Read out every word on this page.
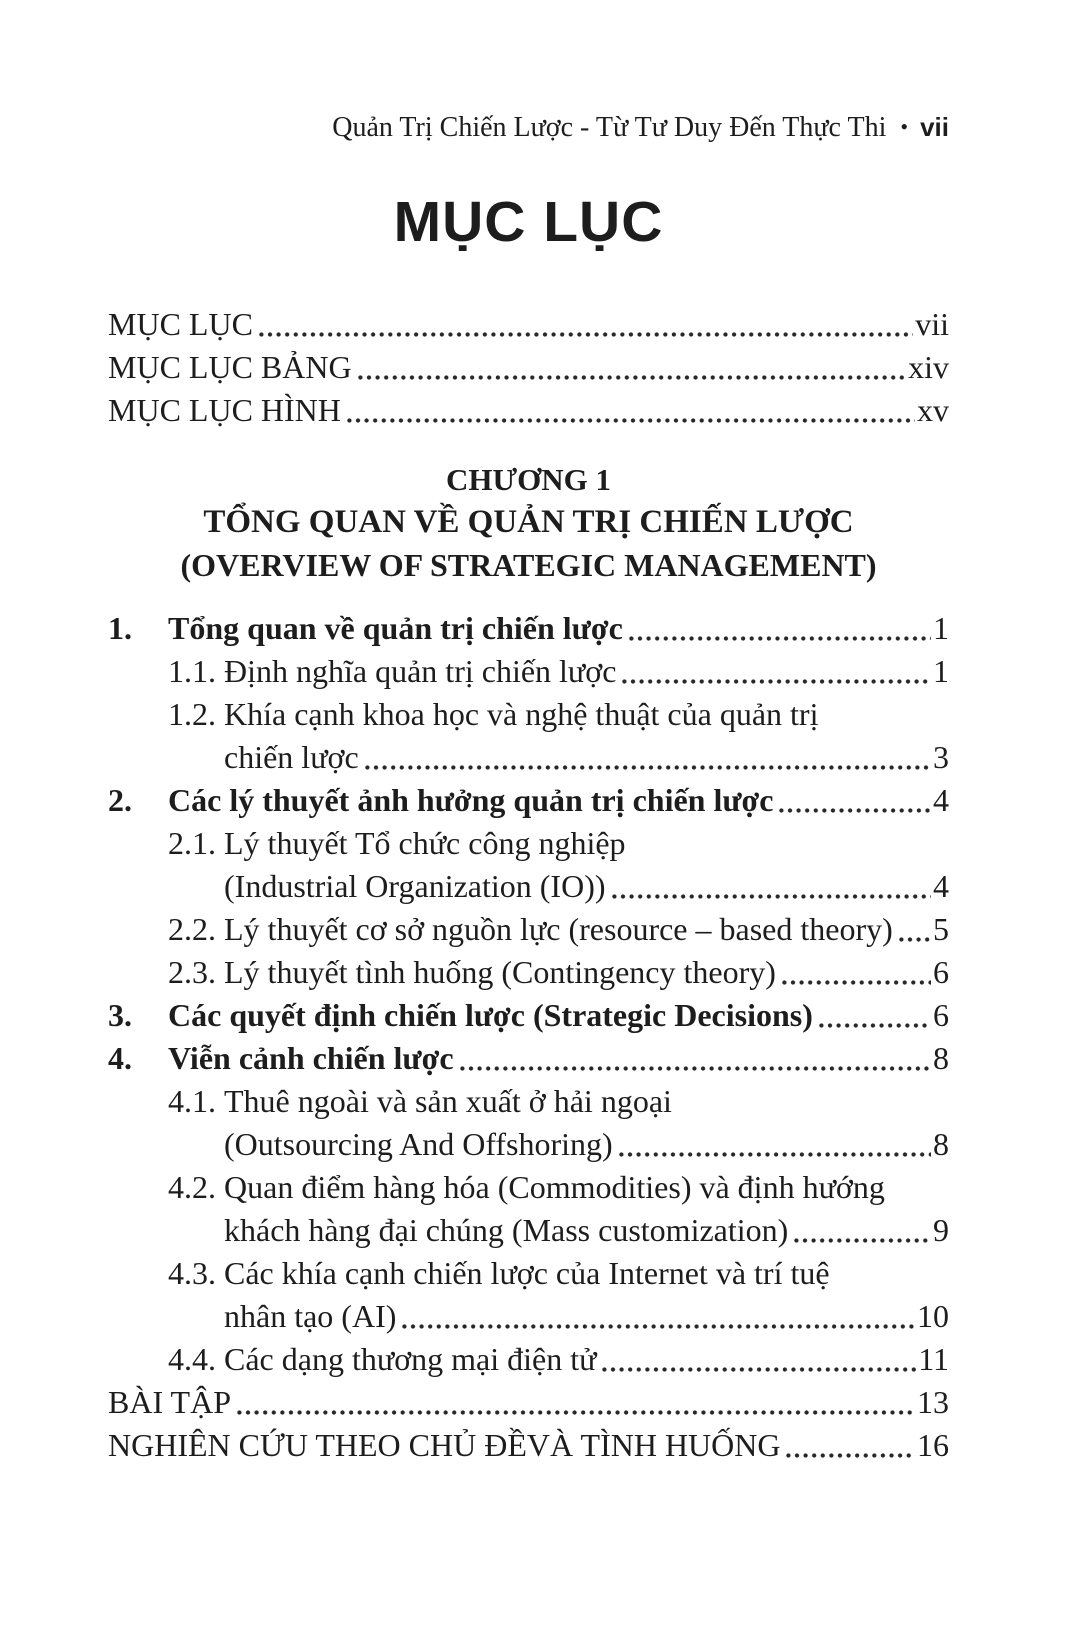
Quản Trị Chiến Lược - Từ Tư Duy Đến Thực Thi • vii
MỤC LỤC
MỤC LỤC	vii
MỤC LỤC BẢNG	xiv
MỤC LỤC HÌNH	xv
CHƯƠNG 1
TỔNG QUAN VỀ QUẢN TRỊ CHIẾN LƯỢC
(OVERVIEW OF STRATEGIC MANAGEMENT)
1.	Tổng quan về quản trị chiến lược	1
1.1. Định nghĩa quản trị chiến lược	1
1.2. Khía cạnh khoa học và nghệ thuật của quản trị
chiến lược	3
2.	Các lý thuyết ảnh hưởng quản trị chiến lược	4
2.1. Lý thuyết Tổ chức công nghiệp
(Industrial Organization (IO))	4
2.2. Lý thuyết cơ sở nguồn lực (resource – based theory) 5
2.3. Lý thuyết tình huống (Contingency theory)	6
3.	Các quyết định chiến lược (Strategic Decisions)	6
4.	Viễn cảnh chiến lược	8
4.1. Thuê ngoài và sản xuất ở hải ngoại
(Outsourcing And Offshoring)	8
4.2. Quan điểm hàng hóa (Commodities) và định hướng
khách hàng đại chúng (Mass customization)	9
4.3. Các khía cạnh chiến lược của Internet và trí tuệ
nhân tạo (AI)	10
4.4. Các dạng thương mại điện tử	11
BÀI TẬP	13
NGHIÊN CỨU THEO CHỦ ĐỀVÀ TÌNH HUỐNG	16
